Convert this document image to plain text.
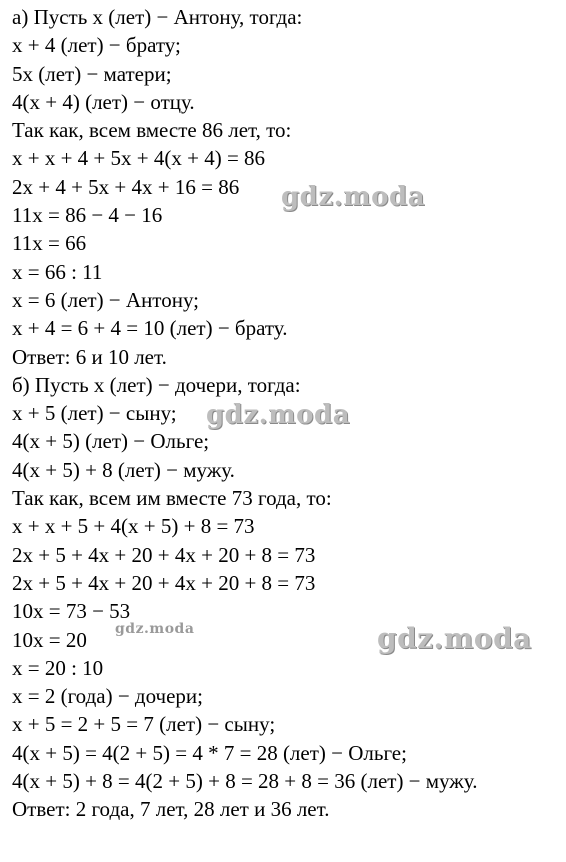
а) Пусть x (лет) − Антону, тогда:
x + 4 (лет) − брату;
5x (лет) − матери;
4(x + 4) (лет) − отцу.
Так как, всем вместе 86 лет, то:
x + x + 4 + 5x + 4(x + 4) = 86
2x + 4 + 5x + 4x + 16 = 86
11x = 86 − 4 − 16
11x = 66
x = 66 : 11
x = 6 (лет) − Антону;
x + 4 = 6 + 4 = 10 (лет) − брату.
Ответ: 6 и 10 лет.
б) Пусть x (лет) − дочери, тогда:
x + 5 (лет) − сыну;
4(x + 5) (лет) − Ольге;
4(x + 5) + 8 (лет) − мужу.
Так как, всем им вместе 73 года, то:
x + x + 5 + 4(x + 5) + 8 = 73
2x + 5 + 4x + 20 + 4x + 20 + 8 = 73
2x + 5 + 4x + 20 + 4x + 20 + 8 = 73
10x = 73 − 53
10x = 20
x = 20 : 10
x = 2 (года) − дочери;
x + 5 = 2 + 5 = 7 (лет) − сыну;
4(x + 5) = 4(2 + 5) = 4 * 7 = 28 (лет) − Ольге;
4(x + 5) + 8 = 4(2 + 5) + 8 = 28 + 8 = 36 (лет) − мужу.
Ответ: 2 года, 7 лет, 28 лет и 36 лет.
gdz.moda
gdz.moda
gdz.moda	gdz.moda
